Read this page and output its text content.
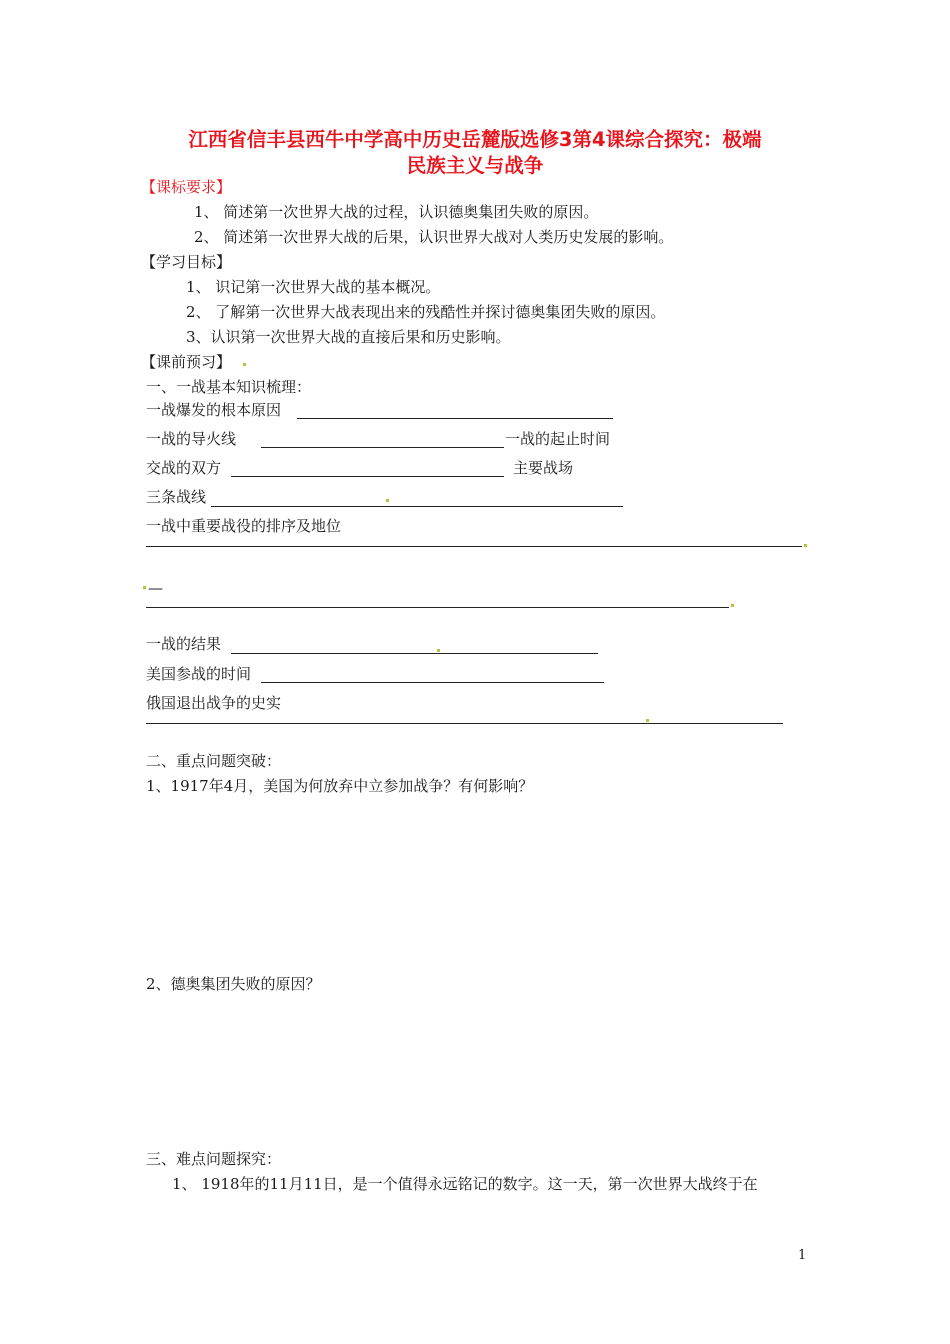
江西省信丰县西牛中学高中历史岳麓版选修3第4课综合探究：极端
民族主义与战争
【课标要求】
1、 简述第一次世界大战的过程，认识德奥集团失败的原因。
2、 简述第一次世界大战的后果，认识世界大战对人类历史发展的影响。
【学习目标】
1、 识记第一次世界大战的基本概况。
2、 了解第一次世界大战表现出来的残酷性并探讨德奥集团失败的原因。
3、认识第一次世界大战的直接后果和历史影响。
【课前预习】
一、一战基本知识梳理：
一战爆发的根本原因
一战的导火线	一战的起止时间
交战的双方	主要战场
三条战线
一战中重要战役的排序及地位
—
一战的结果
美国参战的时间
俄国退出战争的史实
二、重点问题突破：
1、1917年4月，美国为何放弃中立参加战争？有何影响？
2、德奥集团失败的原因？
三、难点问题探究：
1、 1918年的11月11日，是一个值得永远铭记的数字。这一天，第一次世界大战终于在
1
